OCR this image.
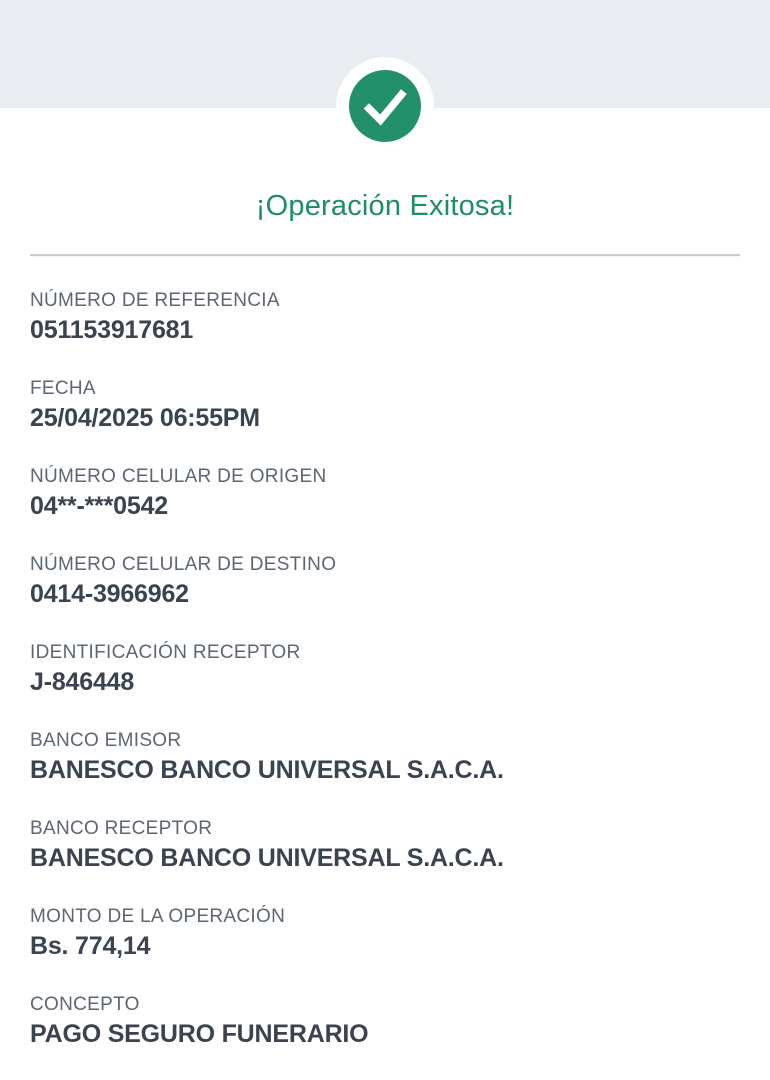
¡Operación Exitosa!
NÚMERO DE REFERENCIA
051153917681
FECHA
25/04/2025 06:55PM
NÚMERO CELULAR DE ORIGEN
04**-***0542
NÚMERO CELULAR DE DESTINO
0414-3966962
IDENTIFICACIÓN RECEPTOR
J-846448
BANCO EMISOR
BANESCO BANCO UNIVERSAL S.A.C.A.
BANCO RECEPTOR
BANESCO BANCO UNIVERSAL S.A.C.A.
MONTO DE LA OPERACIÓN
Bs. 774,14
CONCEPTO
PAGO SEGURO FUNERARIO
